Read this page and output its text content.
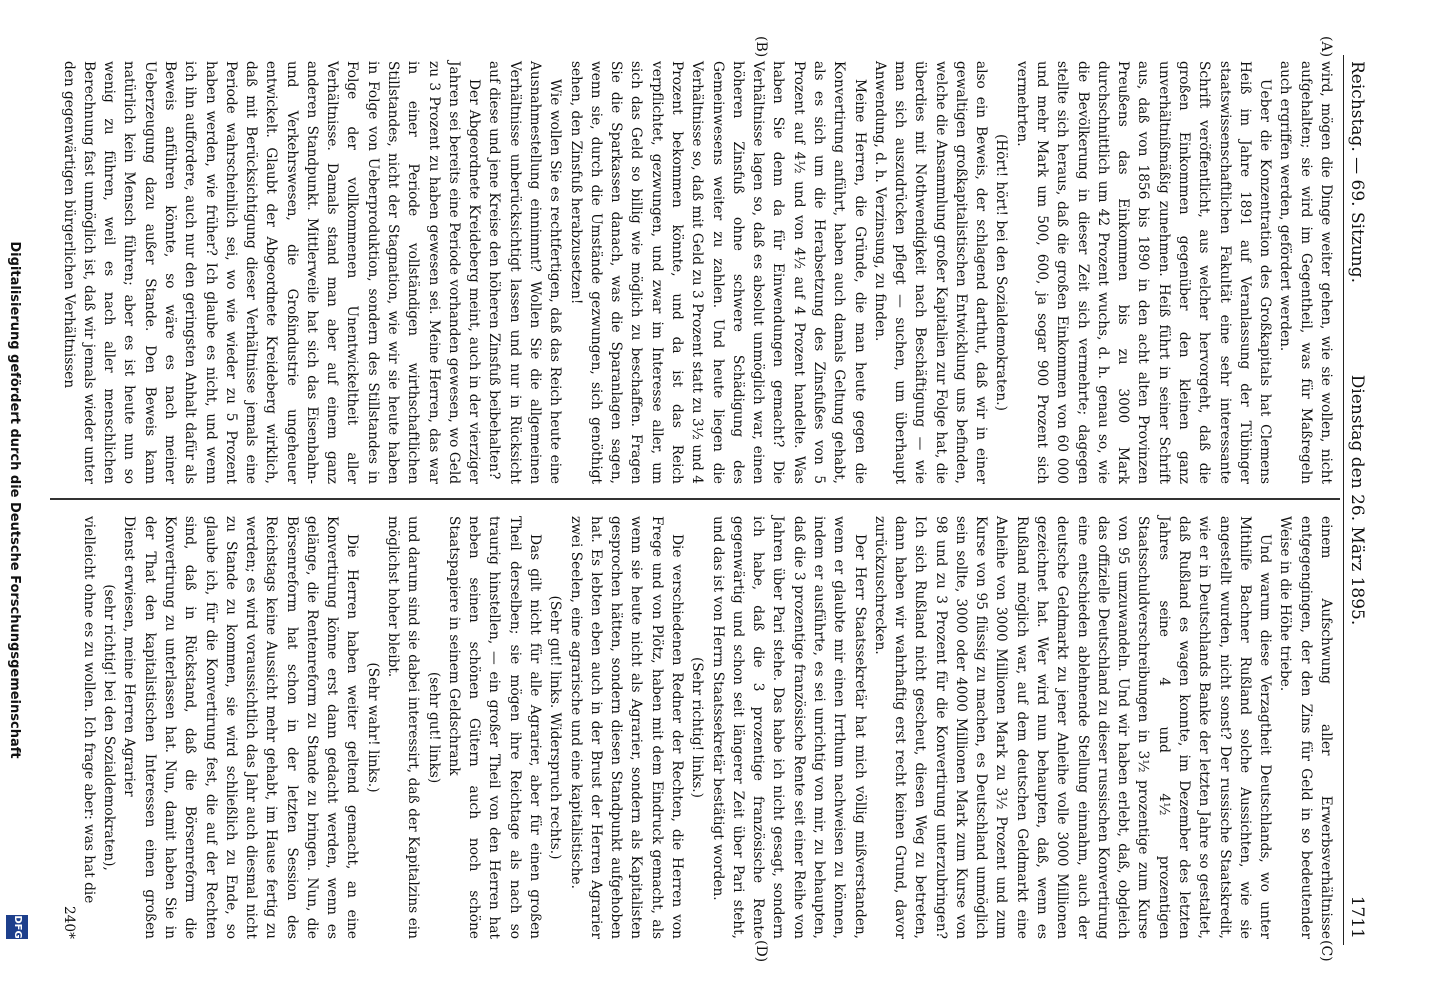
Reichstag. — 69. Sitzung.
Dienstag den 26. März 1895.
1711
(A)
(B)
(C)
(D)

wird, mögen die Dinge weiter gehen, wie sie wollen, nicht aufgehalten; sie wird im Gegentheil, was für Maßregeln auch ergriffen werden, gefördert werden.

Ueber die Konzentration des Großkapitals hat Clemens Heiß im Jahre 1891 auf Veranlassung der Tübinger staatswissenschaftlichen Fakultät eine sehr interessante Schrift veröffentlicht, aus welcher hervorgeht, daß die großen Einkommen gegenüber den kleinen ganz unverhältnißmäßig zunehmen. Heiß führt in seiner Schrift aus, daß von 1856 bis 1890 in den acht alten Provinzen Preußens das Einkommen bis zu 3000 Mark durchschnittlich um 42 Prozent wuchs, d. h. genau so, wie die Bevölkerung in dieser Zeit sich vermehrte; dagegen stellte sich heraus, daß die großen Einkommen von 60 000 und mehr Mark um 500, 600, ja sogar 900 Prozent sich vermehrten.

(Hört! hört! bei den Sozialdemokraten.)

also ein Beweis, der schlagend darthut, daß wir in einer gewaltigen großkapitalistischen Entwicklung uns befinden, welche die Ansammlung großer Kapitalien zur Folge hat, die überdies mit Nothwendigkeit nach Beschäftigung — wie man sich auszudrücken pflegt — suchen, um überhaupt Anwendung, d. h. Verzinsung, zu finden.

Meine Herren, die Gründe, die man heute gegen die Konvertirung anführt, haben auch damals Geltung gehabt, als es sich um die Herabsetzung des Zinsfußes von 5 Prozent auf 4½ und von 4½ auf 4 Prozent handelte. Was haben Sie denn da für Einwendungen gemacht? Die Verhältnisse lagen so, daß es absolut unmöglich war, einen höheren Zinsfuß ohne schwere Schädigung des Gemeinwesens weiter zu zahlen. Und heute liegen die Verhältnisse so, daß mit Geld zu 3 Prozent statt zu 3½ und 4 Prozent bekommen könnte, und da ist das Reich verpflichtet, gezwungen, und zwar im Interesse aller, um sich das Geld so billig wie möglich zu beschaffen. Fragen Sie die Sparkassen danach, was die Sparanlagen sagen, wenn sie, durch die Umstände gezwungen, sich genöthigt sehen, den Zinsfuß herabzusetzen!

Wie wollen Sie es rechtfertigen, daß das Reich heute eine Ausnahmestellung einnimmt? Wollen Sie die allgemeinen Verhältnisse unberücksichtigt lassen und nur in Rücksicht auf diese und jene Kreise den höheren Zinsfuß beibehalten?

Der Abgeordnete Kreideberg meint, auch in der vierziger Jahren sei bereits eine Periode vorhanden gewesen, wo Geld zu 3 Prozent zu haben gewesen sei. Meine Herren, das war in einer Periode vollständigen wirthschaftlichen Stillstandes, nicht der Stagnation, wie wir sie heute haben in Folge von Ueberproduktion, sondern des Stillstandes in Folge der vollkommenen Unentwickeltheit aller Verhältnisse. Damals stand man aber auf einem ganz anderen Standpunkt. Mittlerweile hat sich das Eisenbahn- und Verkehrswesen, die Großindustrie ungeheuer entwickelt. Glaubt der Abgeordnete Kreideberg wirklich, daß mit Berücksichtigung dieser Verhältnisse jemals eine Periode wahrscheinlich sei, wo wie wieder zu 5 Prozent haben werden, wie früher? Ich glaube es nicht, und wenn ich ihn auffordere, auch nur den geringsten Anhalt dafür als Beweis anführen könnte, so wäre es nach meiner Ueberzeugung dazu außer Stande. Den Beweis kann natürlich kein Mensch führen; aber es ist heute nun so wenig zu führen, weil es nach aller menschlichen Berechnung fast unmöglich ist, daß wir jemals wieder unter den gegenwärtigen bürgerlichen Verhältnissen

einem Aufschwung aller Erwerbsverhältnisse entgegengingen, der den Zins für Geld in so bedeutender Weise in die Höhe triebe.

Und warum diese Verzagtheit Deutschlands, wo unter Mithilfe Bachner Rußland solche Aussichten, wie sie angestellt wurden, nicht sonst? Der russische Staatskredit, wie er in Deutschlands Banke der letzten Jahre so gestaltet, daß Rußland es wagen konnte, im Dezember des letzten Jahres seine 4 und 4½ prozentigen Staatsschuldverschreibungen in 3½ prozentige zum Kurse von 95 umzuwandeln. Und wir haben erlebt, daß, obgleich das offizielle Deutschland zu dieser russischen Konvertirung eine entschieden ablehnende Stellung einnahm, auch der deutsche Geldmarkt zu jener Anleihe volle 3000 Millionen gezeichnet hat. Wer wird nun behaupten, daß, wenn es Rußland möglich war, auf dem deutschen Geldmarkt eine Anleihe von 3000 Millionen Mark zu 3½ Prozent und zum Kurse von 95 flüssig zu machen, es Deutschland unmöglich sein sollte, 3000 oder 4000 Millionen Mark zum Kurse von 98 und zu 3 Prozent für die Konvertirung unterzubringen? Ich sich Rußland nicht gescheut, diesen Weg zu betreten, dann haben wir wahrhaftig erst recht keinen Grund, davor zurückzuschrecken.

Der Herr Staatssekretär hat mich völlig mißverstanden, wenn er glaubte mir einen Irrthum nachweisen zu können, indem er ausführte, es sei unrichtig von mir, zu behaupten, daß die 3 prozentige französische Rente seit einer Reihe von Jahren über Pari stehe. Das habe ich nicht gesagt, sondern ich habe, daß die 3 prozentige französische Rente gegenwärtig und schon seit längerer Zeit über Pari steht, und das ist von Herrn Staatssekretär bestätigt worden.

(Sehr richtig! links.)

Die verschiedenen Redner der Rechten, die Herren von Frege und von Plötz, haben mit dem Eindruck gemacht, als wenn sie heute nicht als Agrarier, sondern als Kapitalisten gesprochen hätten, sondern diesen Standpunkt aufgehoben hat. Es lebten eben auch in der Brust der Herren Agrarier zwei Seelen, eine agrarische und eine kapitalistische.

(Sehr gut! links. Widerspruch rechts.)

Das gilt nicht für alle Agrarier, aber für einen großen Theil derselben; sie mögen ihre Reichtage als nach so traurig hinstellen, — ein großer Theil von den Herren hat neben seinen schönen Gütern auch noch schöne Staatspapiere in seinem Geldschrank

(sehr gut! links)

und darum sind sie dabei interessirt, daß der Kapitalzins ein möglichst hoher bleibt.

(Sehr wahr! links.)

Die Herren haben weiter geltend gemacht, an eine Konvertirung könne erst dann gedacht werden, wenn es gelänge, die Rentenreform zu Stande zu bringen. Nun, die Börsenreform hat schon in der letzten Session des Reichstags keine Aussicht mehr gehabt, im Hause fertig zu werden; es wird voraussichtlich das Jahr auch diesmal nicht zu Stande zu kommen, sie wird schließlich zu Ende, so glaube ich, für die Konvertirung fest, die auf der Rechten sind, daß in Rückstand, daß die Börsenreform die Konvertirung zu unterlassen hat. Nun, damit haben Sie in der That den kapitalistischen Interessen einen großen Dienst erwiesen, meine Herren Agrarier

(sehr richtig! bei den Sozialdemokraten),

vielleicht ohne es zu wollen. Ich frage aber: was hat die

240*

Digitalisierung gefördert durch die Deutsche Forschungsgemeinschaft
DFG
